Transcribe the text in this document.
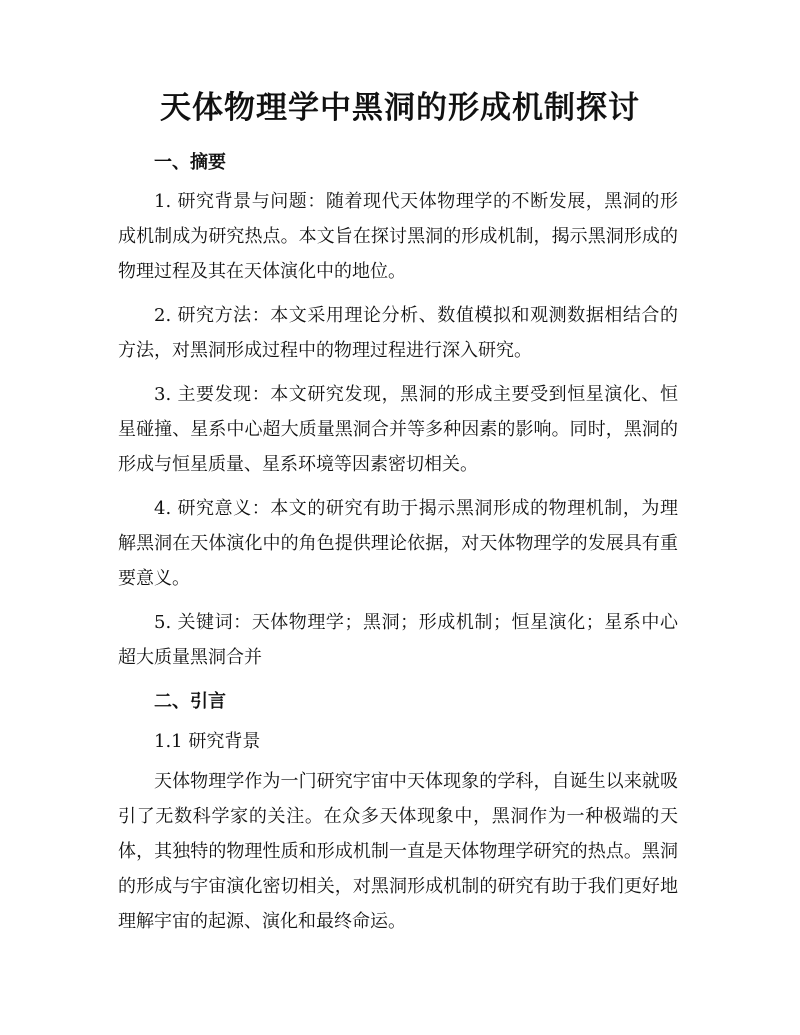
天体物理学中黑洞的形成机制探讨

一、摘要

1. 研究背景与问题：随着现代天体物理学的不断发展，黑洞的形成机制成为研究热点。本文旨在探讨黑洞的形成机制，揭示黑洞形成的物理过程及其在天体演化中的地位。

2. 研究方法：本文采用理论分析、数值模拟和观测数据相结合的方法，对黑洞形成过程中的物理过程进行深入研究。

3. 主要发现：本文研究发现，黑洞的形成主要受到恒星演化、恒星碰撞、星系中心超大质量黑洞合并等多种因素的影响。同时，黑洞的形成与恒星质量、星系环境等因素密切相关。

4. 研究意义：本文的研究有助于揭示黑洞形成的物理机制，为理解黑洞在天体演化中的角色提供理论依据，对天体物理学的发展具有重要意义。

5. 关键词：天体物理学；黑洞；形成机制；恒星演化；星系中心超大质量黑洞合并

二、引言

1.1 研究背景

天体物理学作为一门研究宇宙中天体现象的学科，自诞生以来就吸引了无数科学家的关注。在众多天体现象中，黑洞作为一种极端的天体，其独特的物理性质和形成机制一直是天体物理学研究的热点。黑洞的形成与宇宙演化密切相关，对黑洞形成机制的研究有助于我们更好地理解宇宙的起源、演化和最终命运。
